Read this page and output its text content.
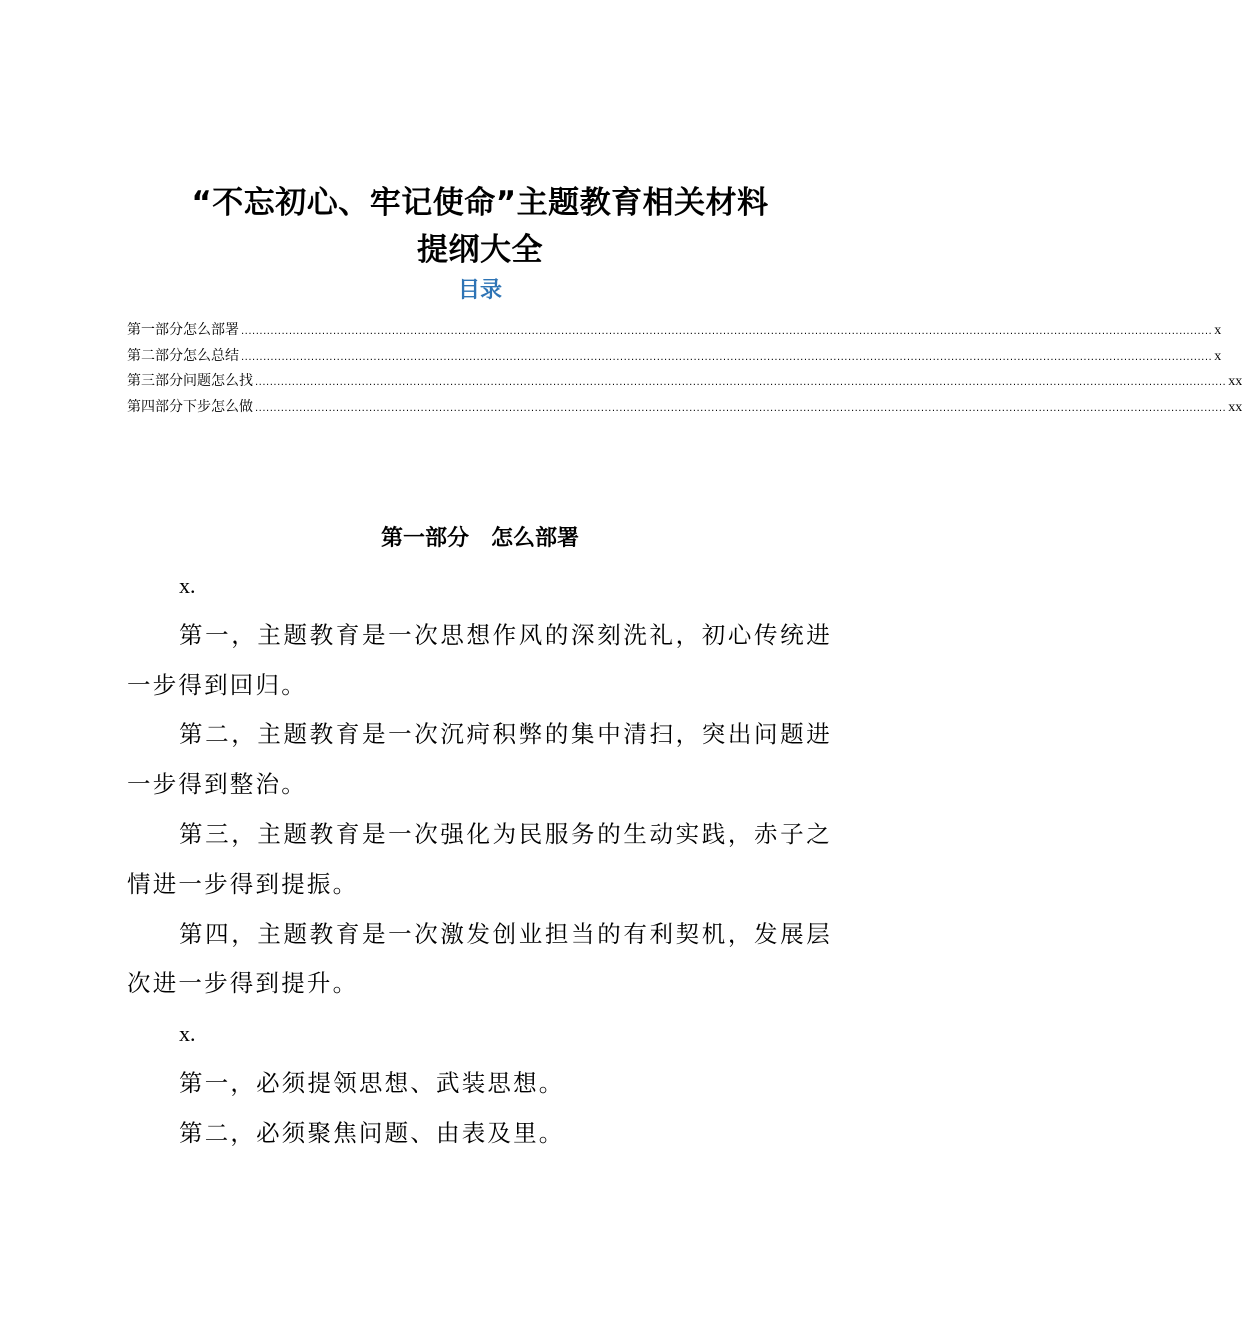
“不忘初心、牢记使命”主题教育相关材料
提纲大全
目录
第一部分 怎么部署 ........................................................................................................................................................................................................................................................................ x
第二部分 怎么总结 ........................................................................................................................................................................................................................................................................ x
第三部分 问题怎么找 ........................................................................................................................................................................................................................................................................ xx
第四部分 下步怎么做 ........................................................................................................................................................................................................................................................................ xx
第一部分　怎么部署

x.

第一，主题教育是一次思想作风的深刻洗礼，初心传统进一步得到回归。

第二，主题教育是一次沉疴积弊的集中清扫，突出问题进一步得到整治。

第三，主题教育是一次强化为民服务的生动实践，赤子之情进一步得到提振。

第四，主题教育是一次激发创业担当的有利契机，发展层次进一步得到提升。

x.

第一，必须提领思想、武装思想。

第二，必须聚焦问题、由表及里。
